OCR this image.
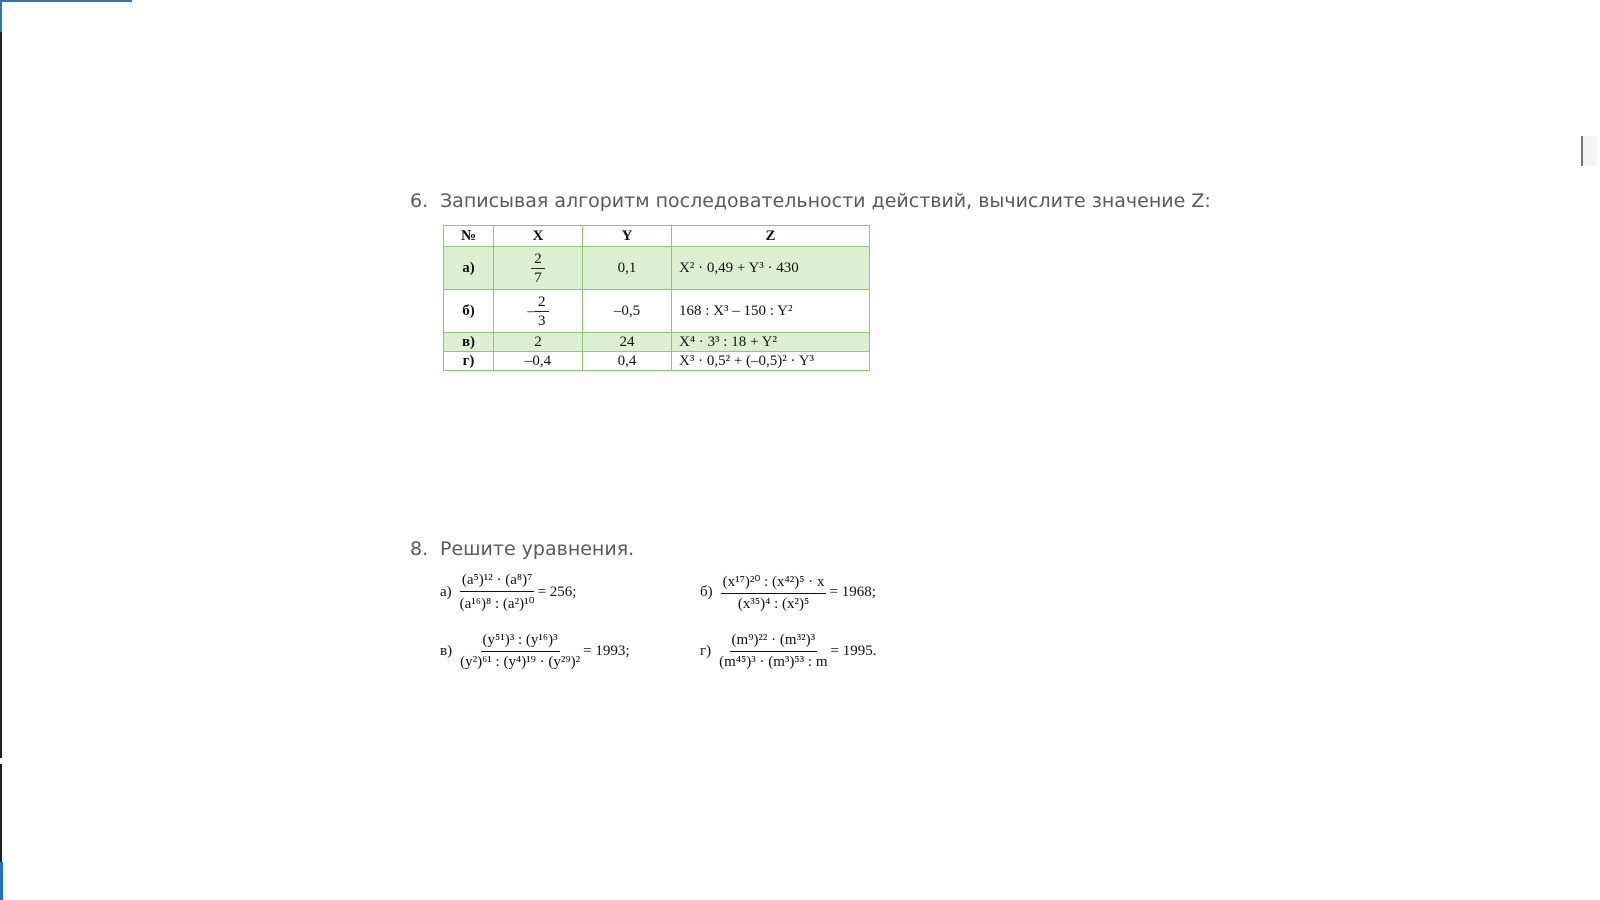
6. Записывая алгоритм последовательности действий, вычислите значение Z:
№	X	Y	Z
а)	$\frac{2}{7}$	0,1	X² · 0,49 + Y³ · 430
б)	– $\frac{2}{3}$	–0,5	168 : X³ – 150 : Y²
в)	2	24	X⁴ · 3³ : 18 + Y²
г)	–0,4	0,4	X³ · 0,5² + (–0,5)² · Y³
8. Решите уравнения.
$а) \frac{\text{(a⁵)¹² · (a⁸)⁷}}{\text{(a¹⁶)⁸ : (a²)¹⁰}} = 256$;	$б) \frac{\text{(x¹⁷)²⁰ : (x⁴²)⁵ · x}}{\text{(x³⁵)⁴ : (x²)⁵}} = 1968$;
$в) \frac{\text{(y⁵¹)³ : (y¹⁶)³}}{\text{(y²)⁶¹ : (y⁴)¹⁹ · (y²⁹)²}} = 1993$;	$г) \frac{\text{(m⁹)²² · (m³²)³}}{\text{(m⁴⁵)³ · (m³)⁵³ : m}} = 1995$.
